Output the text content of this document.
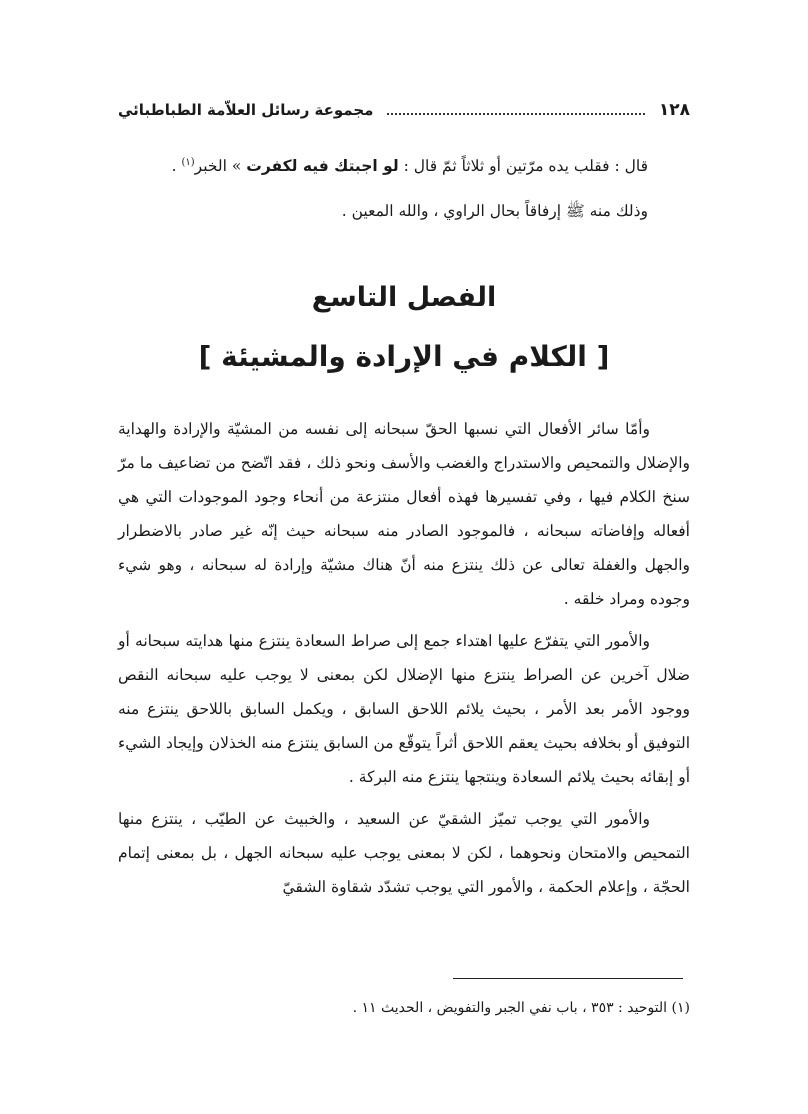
١٢٨
مجموعة رسائل العلاّمة الطباطبائي
قال : فقلب يده مرّتين أو ثلاثاً ثمّ قال : لو اجبتك فيه لكفرت » الخبر$^{(١)}$ .
وذلك منه ﷺ إرفاقاً بحال الراوي ، والله المعين .
الفصل التاسع
[ الكلام في الإرادة والمشيئة ]

وأمّا سائر الأفعال التي نسبها الحقّ سبحانه إلى نفسه من المشيّة والإرادة والهداية والإضلال والتمحيص والاستدراج والغضب والأسف ونحو ذلك ، فقد اتّضح من تضاعيف ما مرّ سنخ الكلام فيها ، وفي تفسيرها فهذه أفعال منتزعة من أنحاء وجود الموجودات التي هي أفعاله وإفاضاته سبحانه ، فالموجود الصادر منه سبحانه حيث إنّه غير صادر بالاضطرار والجهل والغفلة تعالى عن ذلك ينتزع منه أنّ هناك مشيّة وإرادة له سبحانه ، وهو شيء وجوده ومراد خلقه .

والأمور التي يتفرّع عليها اهتداء جمع إلى صراط السعادة ينتزع منها هدايته سبحانه أو ضلال آخرين عن الصراط ينتزع منها الإضلال لكن بمعنى لا يوجب عليه سبحانه النقص ووجود الأمر بعد الأمر ، بحيث يلائم اللاحق السابق ، ويكمل السابق باللاحق ينتزع منه التوفيق أو بخلافه بحيث يعقم اللاحق أثراً يتوقّع من السابق ينتزع منه الخذلان وإيجاد الشيء أو إبقائه بحيث يلائم السعادة وينتجها ينتزع منه البركة .

والأمور التي يوجب تميّز الشقيّ عن السعيد ، والخبيث عن الطيّب ، ينتزع منها التمحيص والامتحان ونحوهما ، لكن لا بمعنى يوجب عليه سبحانه الجهل ، بل بمعنى إتمام الحجّة ، وإعلام الحكمة ، والأمور التي يوجب تشدّد شقاوة الشقيّ

(١) التوحيد : ٣٥٣ ، باب نفي الجبر والتفويض ، الحديث ١١ .
